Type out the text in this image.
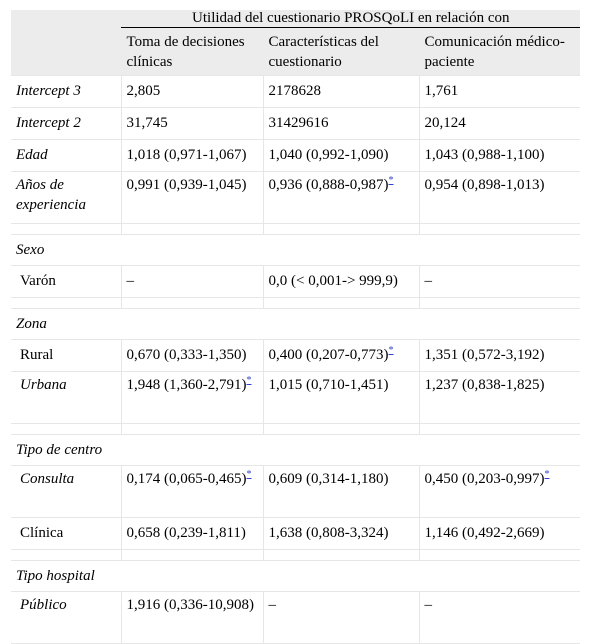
	Utilidad del cuestionario PROSQoLI en relación con		
	Toma de decisiones clínicas	Características del cuestionario	Comunicación médico-paciente
Intercept 3	2,805	2178628	1,761
Intercept 2	31,745	31429616	20,124
Edad	1,018 (0,971-1,067)	1,040 (0,992-1,090)	1,043 (0,988-1,100)
Años de experiencia	0,991 (0,939-1,045)	0,936 (0,888-0,987)*	0,954 (0,898-1,013)

Sexo			
Varón	–	0,0 (< 0,001-> 999,9)	–

Zona			
Rural	0,670 (0,333-1,350)	0,400 (0,207-0,773)*	1,351 (0,572-3,192)
Urbana	1,948 (1,360-2,791)*	1,015 (0,710-1,451)	1,237 (0,838-1,825)

Tipo de centro			
Consulta	0,174 (0,065-0,465)*	0,609 (0,314-1,180)	0,450 (0,203-0,997)*
Clínica	0,658 (0,239-1,811)	1,638 (0,808-3,324)	1,146 (0,492-2,669)

Tipo hospital			
Público	1,916 (0,336-10,908)	–	–
